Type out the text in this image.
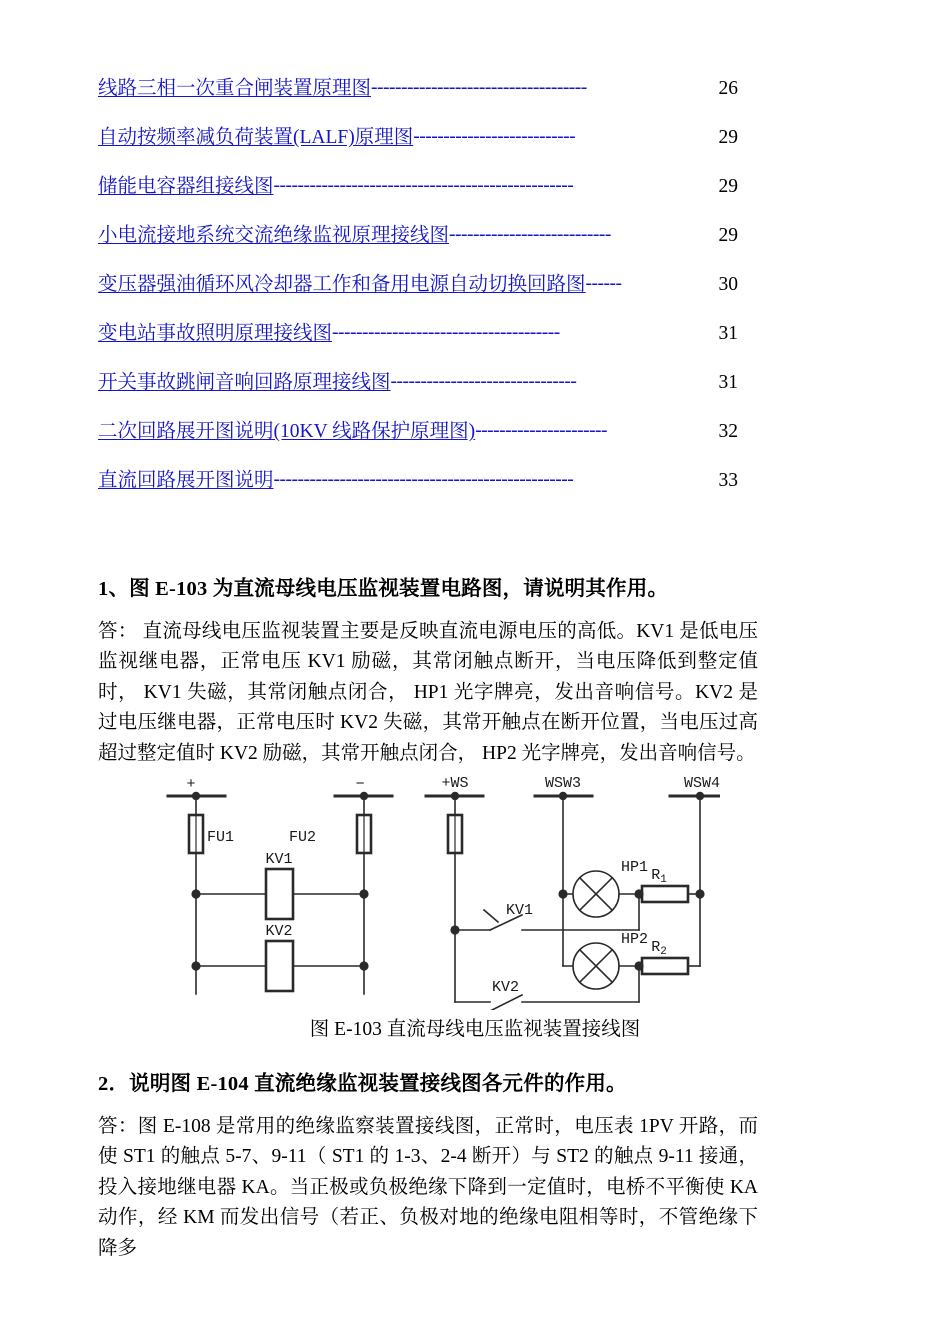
线路三相一次重合闸装置原理图 ------------------------------------	26
自动按频率减负荷装置(LALF)原理图 ---------------------------	29
储能电容器组接线图 --------------------------------------------------	29
小电流接地系统交流绝缘监视原理接线图 ---------------------------	29
变压器强油循环风冷却器工作和备用电源自动切换回路图 ------	30
变电站事故照明原理接线图 --------------------------------------	31
开关事故跳闸音响回路原理接线图 -------------------------------	31
二次回路展开图说明(10KV 线路保护原理图) ----------------------	32
直流回路展开图说明 --------------------------------------------------	33
1、图 E-103 为直流母线电压监视装置电路图，请说明其作用。
答： 直流母线电压监视装置主要是反映直流电源电压的高低。KV1 是低电压监视继电器，正常电压 KV1 励磁，其常闭触点断开，当电压降低到整定值时， KV1 失磁，其常闭触点闭合， HP1 光字牌亮，发出音响信号。KV2 是过电压继电器，正常电压时 KV2 失磁，其常开触点在断开位置，当电压过高超过整定值时 KV2 励磁，其常开触点闭合， HP2 光字牌亮，发出音响信号。
+	−	+WS	WSW3	WSW4
FU1	FU2
KV1
KV2
KV1
KV2
HP1
HP2
$R_1$
$R_2$
图 E-103 直流母线电压监视装置接线图
2．说明图 E-104 直流绝缘监视装置接线图各元件的作用。
答：图 E-108 是常用的绝缘监察装置接线图，正常时，电压表 1PV 开路，而使 ST1 的触点 5-7、9-11（ ST1 的 1-3、2-4 断开）与 ST2 的触点 9-11 接通，投入接地继电器 KA。当正极或负极绝缘下降到一定值时，电桥不平衡使 KA 动作，经 KM 而发出信号（若正、负极对地的绝缘电阻相等时，不管绝缘下降多
